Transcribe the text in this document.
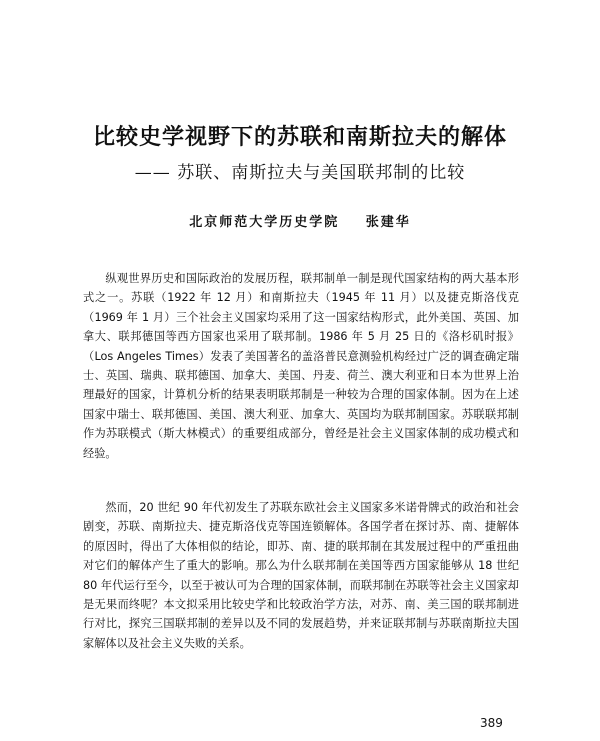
比较史学视野下的苏联和南斯拉夫的解体
—— 苏联、南斯拉夫与美国联邦制的比较
北京师范大学历史学院 张建华

纵观世界历史和国际政治的发展历程，联邦制单一制是现代国家结构的两大基本形式之一。苏联（1922 年 12 月）和南斯拉夫（1945 年 11 月）以及捷克斯洛伐克（1969 年 1 月）三个社会主义国家均采用了这一国家结构形式，此外美国、英国、加拿大、联邦德国等西方国家也采用了联邦制。1986 年 5 月 25 日的《洛杉矶时报》（Los Angeles Times）发表了美国著名的盖洛普民意测验机构经过广泛的调查确定瑞士、英国、瑞典、联邦德国、加拿大、美国、丹麦、荷兰、澳大利亚和日本为世界上治理最好的国家，计算机分析的结果表明联邦制是一种较为合理的国家体制。因为在上述国家中瑞士、联邦德国、美国、澳大利亚、加拿大、英国均为联邦制国家。苏联联邦制作为苏联模式（斯大林模式）的重要组成部分，曾经是社会主义国家体制的成功模式和经验。

然而，20 世纪 90 年代初发生了苏联东欧社会主义国家多米诺骨牌式的政治和社会剧变，苏联、南斯拉夫、捷克斯洛伐克等国连锁解体。各国学者在探讨苏、南、捷解体的原因时，得出了大体相似的结论，即苏、南、捷的联邦制在其发展过程中的严重扭曲对它们的解体产生了重大的影响。那么为什么联邦制在美国等西方国家能够从 18 世纪 80 年代运行至今，以至于被认可为合理的国家体制，而联邦制在苏联等社会主义国家却是无果而终呢？本文拟采用比较史学和比较政治学方法，对苏、南、美三国的联邦制进行对比，探究三国联邦制的差异以及不同的发展趋势，并来证联邦制与苏联南斯拉夫国家解体以及社会主义失败的关系。

389
